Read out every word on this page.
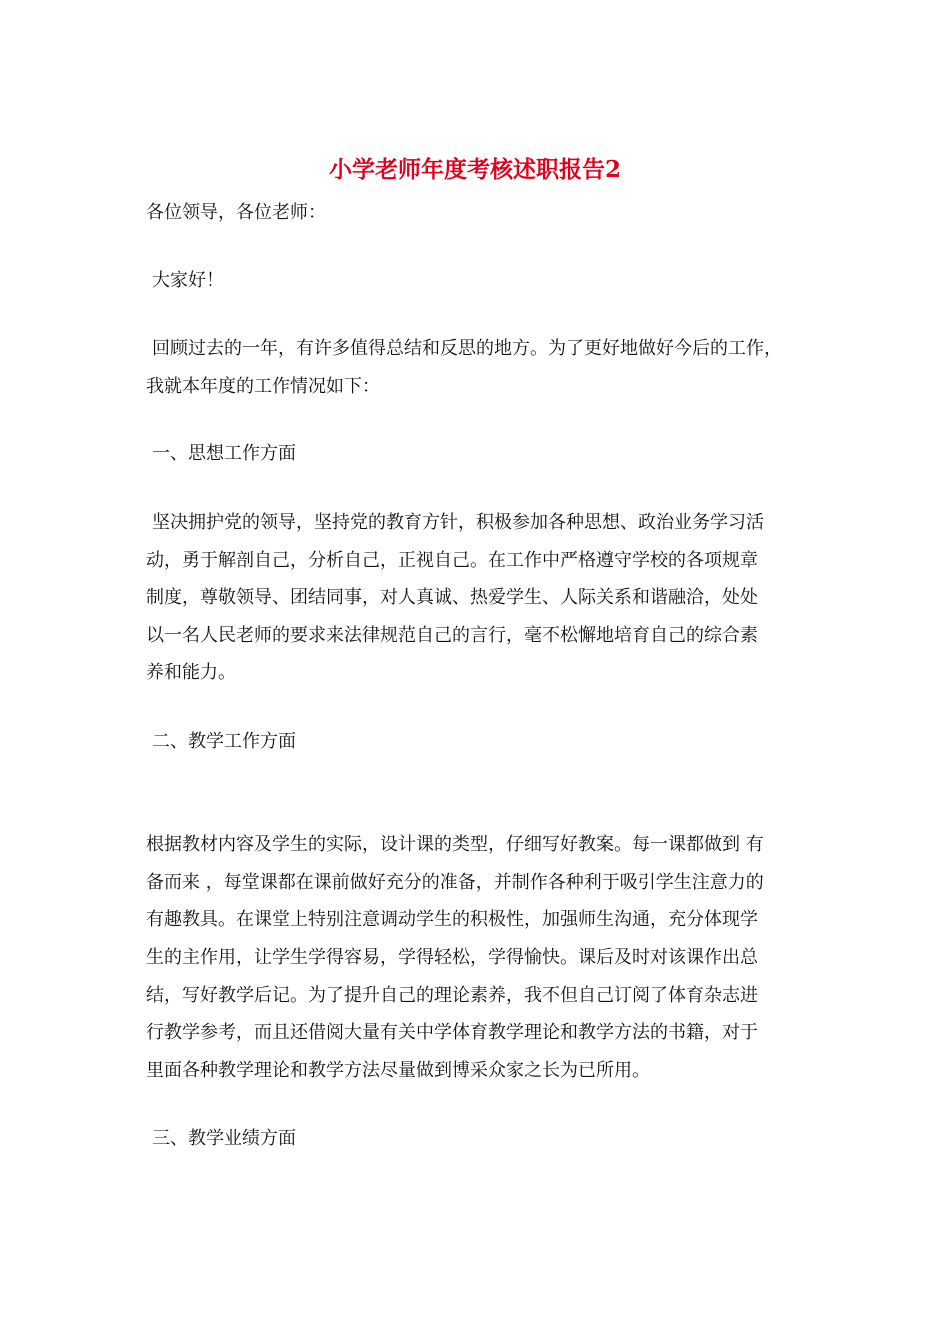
小学老师年度考核述职报告2

各位领导，各位老师：

大家好！

回顾过去的一年，有许多值得总结和反思的地方。为了更好地做好今后的工作，

我就本年度的工作情况如下：

一、思想工作方面

坚决拥护党的领导，坚持党的教育方针，积极参加各种思想、政治业务学习活

动，勇于解剖自己，分析自己，正视自己。在工作中严格遵守学校的各项规章

制度，尊敬领导、团结同事，对人真诚、热爱学生、人际关系和谐融洽，处处

以一名人民老师的要求来法律规范自己的言行，毫不松懈地培育自己的综合素

养和能力。

二、教学工作方面

根据教材内容及学生的实际，设计课的类型，仔细写好教案。每一课都做到 有

备而来 ，每堂课都在课前做好充分的准备，并制作各种利于吸引学生注意力的

有趣教具。在课堂上特别注意调动学生的积极性，加强师生沟通，充分体现学

生的主作用，让学生学得容易，学得轻松，学得愉快。课后及时对该课作出总

结，写好教学后记。为了提升自己的理论素养，我不但自己订阅了体育杂志进

行教学参考，而且还借阅大量有关中学体育教学理论和教学方法的书籍，对于

里面各种教学理论和教学方法尽量做到博采众家之长为已所用。

三、教学业绩方面
